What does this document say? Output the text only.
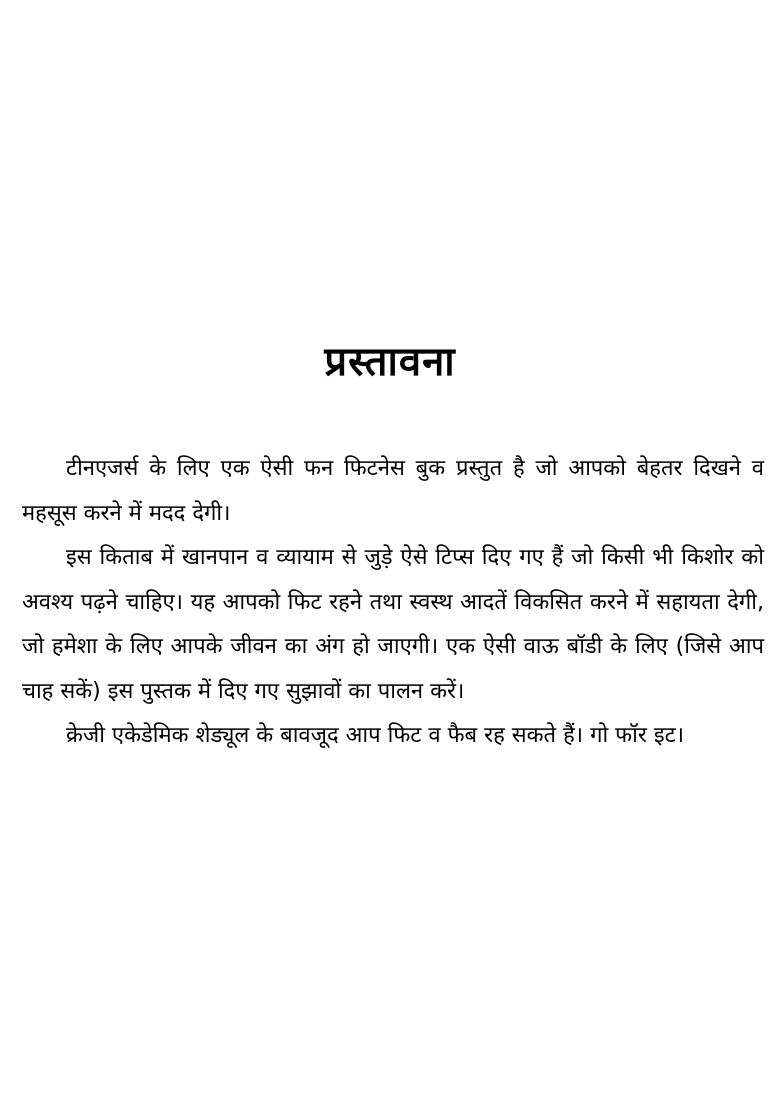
प्रस्तावना

टीनएजर्स के लिए एक ऐसी फन फिटनेस बुक प्रस्तुत है जो आपको बेहतर दिखने व महसूस करने में मदद देगी।

इस किताब में खानपान व व्यायाम से जुड़े ऐसे टिप्स दिए गए हैं जो किसी भी किशोर को अवश्य पढ़ने चाहिए। यह आपको फिट रहने तथा स्वस्थ आदतें विकसित करने में सहायता देगी, जो हमेशा के लिए आपके जीवन का अंग हो जाएगी। एक ऐसी वाऊ बॉडी के लिए (जिसे आप चाह सकें) इस पुस्तक में दिए गए सुझावों का पालन करें।

क्रेजी एकेडेमिक शेड्यूल के बावजूद आप फिट व फैब रह सकते हैं। गो फॉर इट।
